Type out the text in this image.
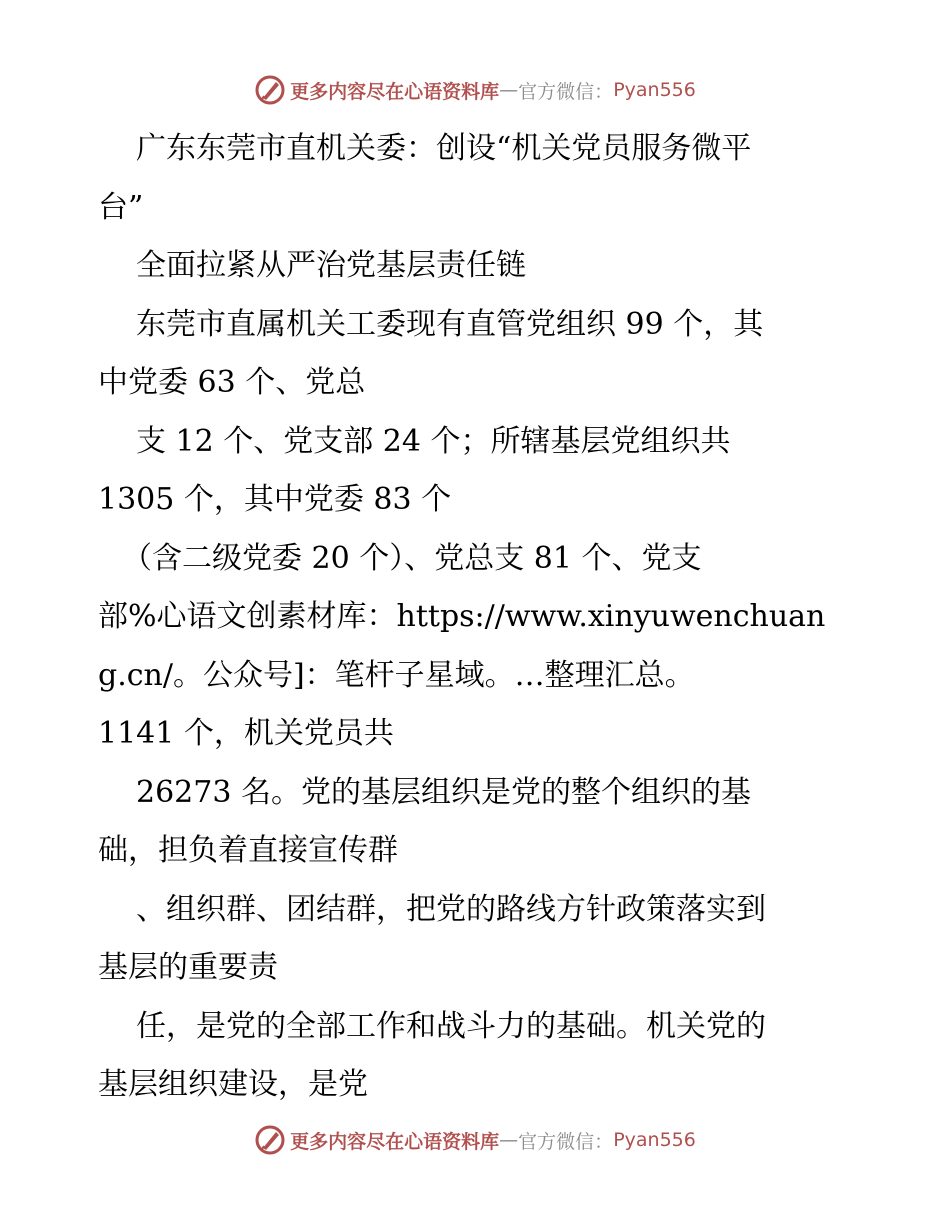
更多内容尽在心语资料库 — 官方微信： Pyan556
广东东莞市直机关委：创设“机关党员服务微平
台”
全面拉紧从严治党基层责任链
东莞市直属机关工委现有直管党组织 99 个，其
中党委 63 个、党总
支 12 个、党支部 24 个；所辖基层党组织共
1305 个，其中党委 83 个
（含二级党委 20 个）、党总支 81 个、党支
部%心语文创素材库：https://www.xinyuwenchuan
g.cn/。公众号]：笔杆子星域。…整理汇总。
1141 个，机关党员共
26273 名。党的基层组织是党的整个组织的基
础，担负着直接宣传群
、组织群、团结群，把党的路线方针政策落实到
基层的重要责
任，是党的全部工作和战斗力的基础。机关党的
基层组织建设，是党
更多内容尽在心语资料库 — 官方微信： Pyan556
